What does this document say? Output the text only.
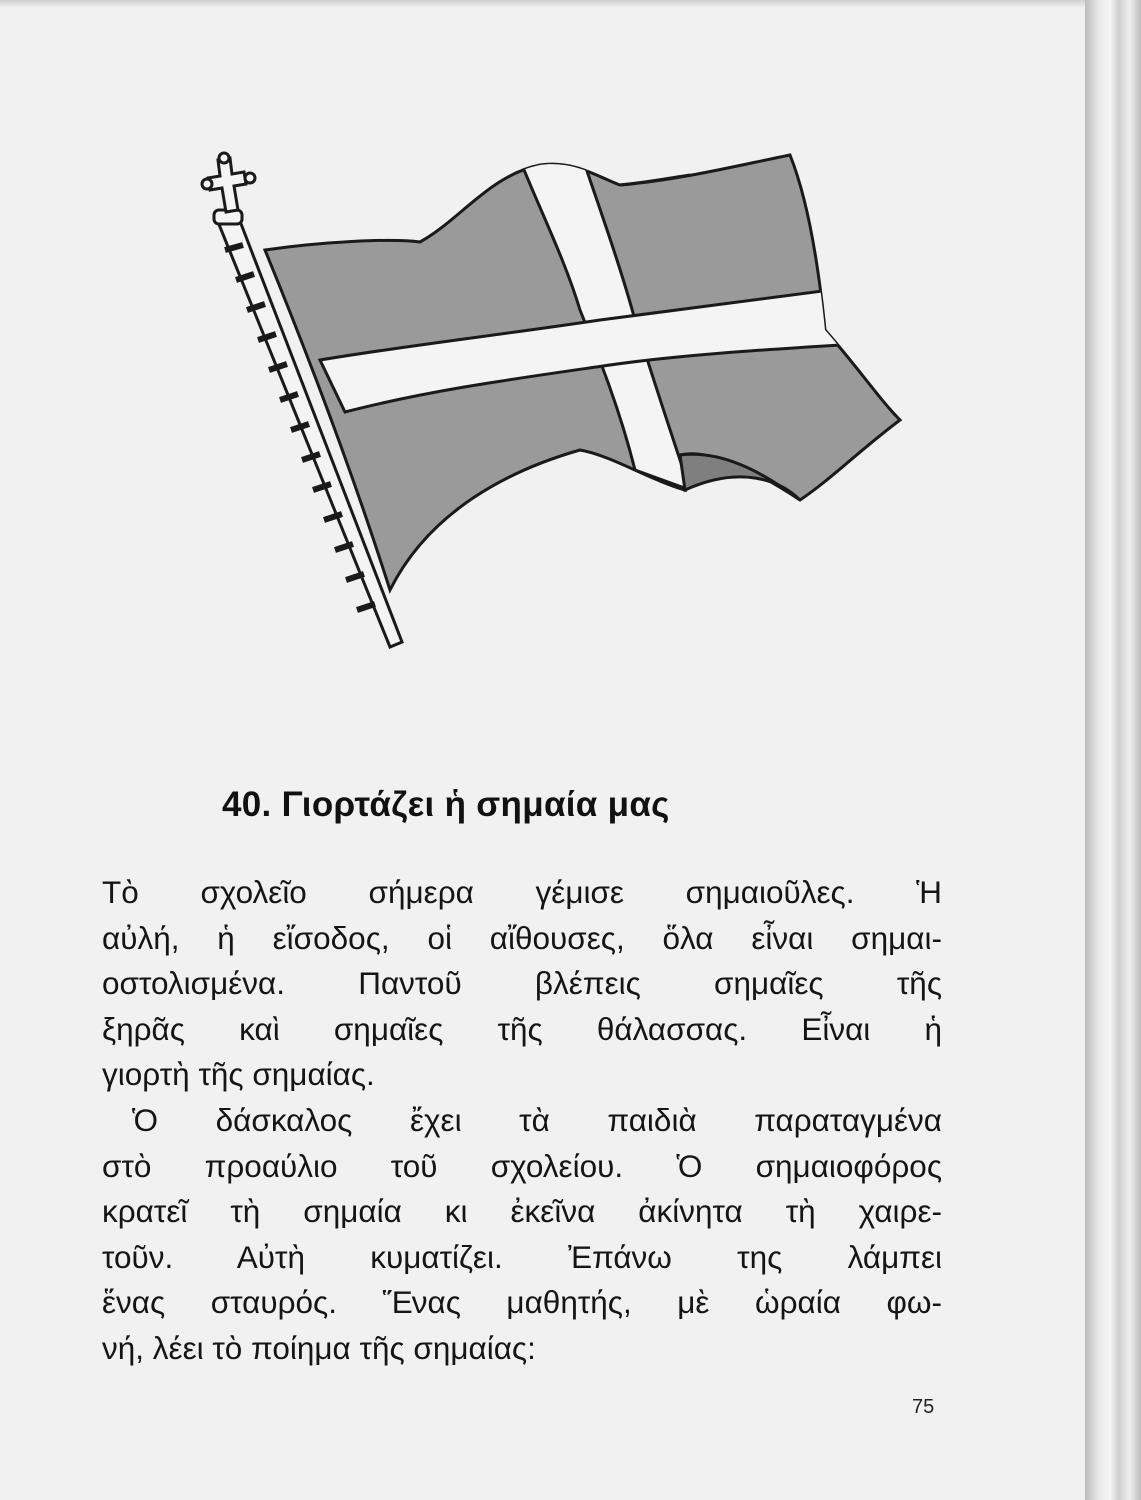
40. Γιορτάζει ἡ σημαία μας
Τὸ σχολεῖο σήμερα γέμισε σημαιοῦλες. Ἡ
αὐλή, ἡ εἴσοδος, οἱ αἴθουσες, ὅλα εἶναι σημαι-
οστολισμένα. Παντοῦ βλέπεις σημαῖες τῆς
ξηρᾶς καὶ σημαῖες τῆς θάλασσας. Εἶναι ἡ
γιορτὴ τῆς σημαίας.
Ὁ δάσκαλος ἔχει τὰ παιδιὰ παραταγμένα
στὸ προαύλιο τοῦ σχολείου. Ὁ σημαιοφόρος
κρατεῖ τὴ σημαία κι ἐκεῖνα ἀκίνητα τὴ χαιρε-
τοῦν. Αὐτὴ κυματίζει. Ἐπάνω της λάμπει
ἕνας σταυρός. Ἕνας μαθητής, μὲ ὡραία φω-
νή, λέει τὸ ποίημα τῆς σημαίας:
75
